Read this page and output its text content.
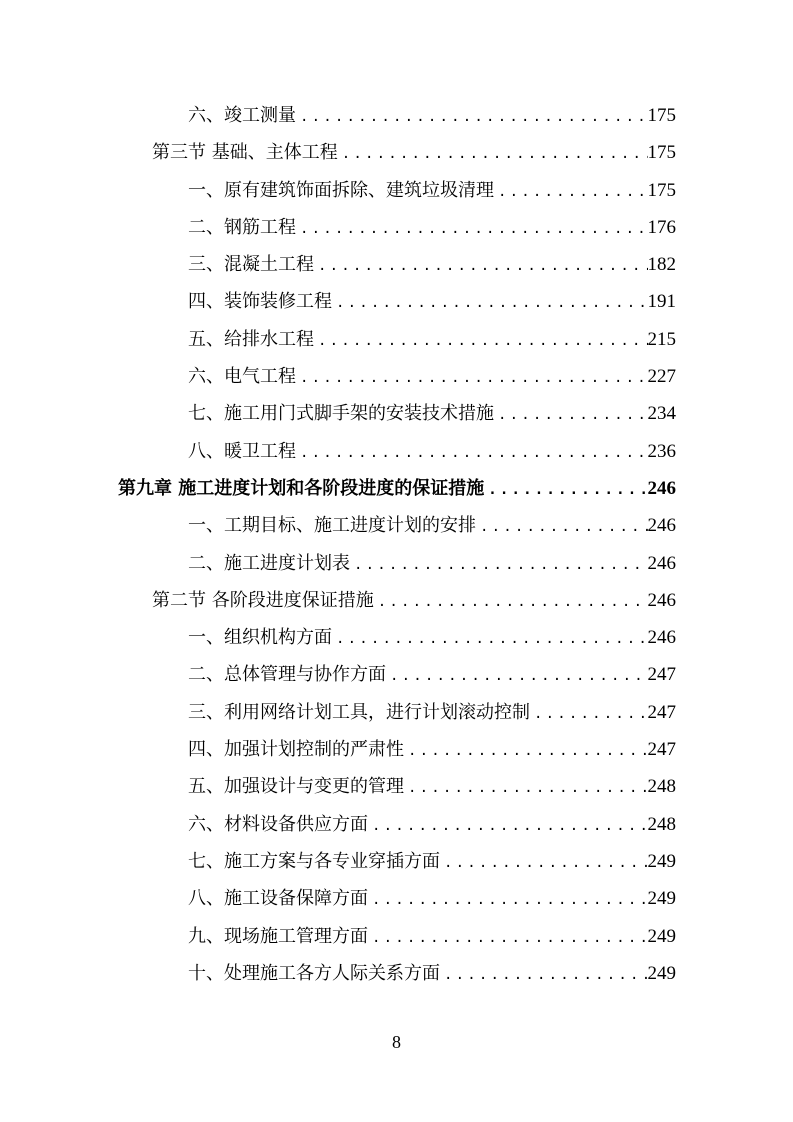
六、竣工测量 .....	175
第三节 基础、主体工程 .....	175
一、原有建筑饰面拆除、建筑垃圾清理 .....	175
二、钢筋工程 .....	176
三、混凝土工程 .....	182
四、装饰装修工程 .....	191
五、给排水工程 .....	215
六、电气工程 .....	227
七、施工用门式脚手架的安装技术措施 .....	234
八、暖卫工程 .....	236
第九章 施工进度计划和各阶段进度的保证措施 .....	246
一、工期目标、施工进度计划的安排 .....	246
二、施工进度计划表 .....	246
第二节 各阶段进度保证措施 .....	246
一、组织机构方面 .....	246
二、总体管理与协作方面 .....	247
三、利用网络计划工具，进行计划滚动控制 .....	247
四、加强计划控制的严肃性 .....	247
五、加强设计与变更的管理 .....	248
六、材料设备供应方面 .....	248
七、施工方案与各专业穿插方面 .....	249
八、施工设备保障方面 .....	249
九、现场施工管理方面 .....	249
十、处理施工各方人际关系方面 .....	249
8
